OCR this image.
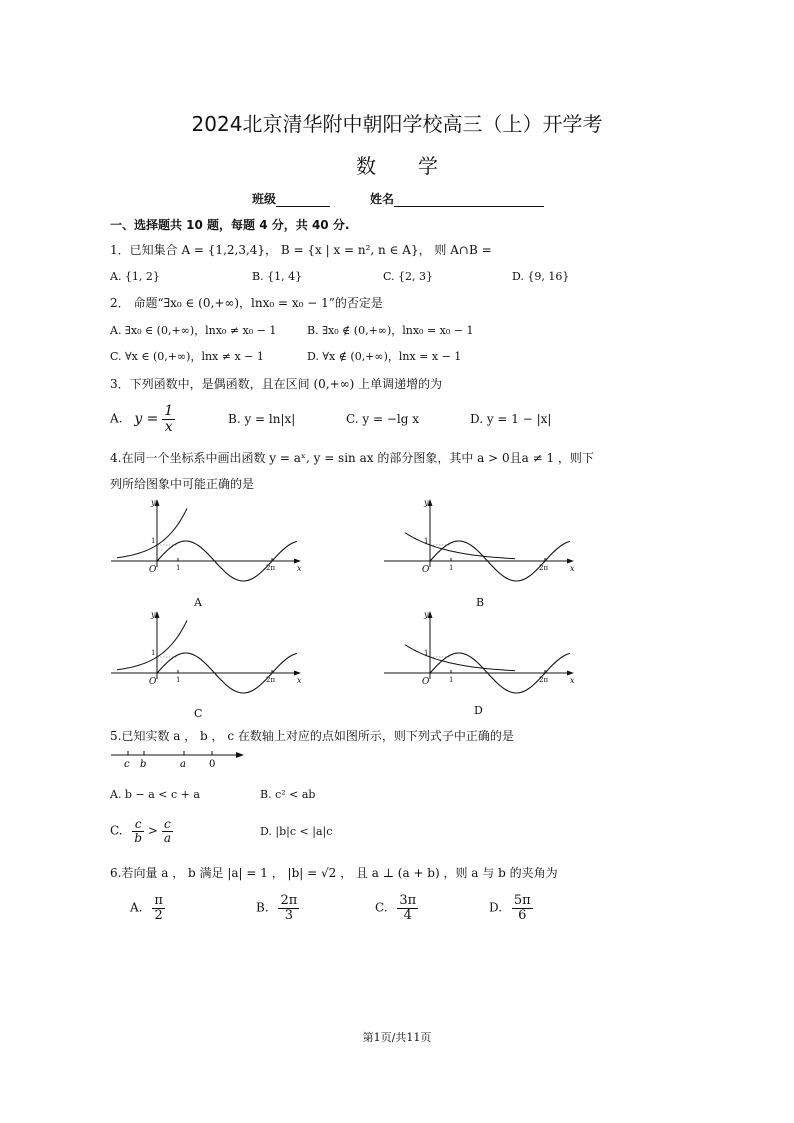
2024北京清华附中朝阳学校高三（上）开学考
数学
班级	姓名
一、选择题共 10 题，每题 4 分，共 40 分.
1．已知集合 A = {1,2,3,4}， B = {x | x = n², n ∈ A}， 则 A∩B =
A. {1, 2}	B. {1, 4}	C. {2, 3}	D. {9, 16}
2． 命题“∃x₀ ∈ (0,+∞)，lnx₀ = x₀ − 1”的否定是
A. ∃x₀ ∈ (0,+∞)，lnx₀ ≠ x₀ − 1	B. ∃x₀ ∉ (0,+∞)，lnx₀ = x₀ − 1
C. ∀x ∈ (0,+∞)，lnx ≠ x − 1	D. ∀x ∉ (0,+∞)，lnx = x − 1
3．下列函数中，是偶函数，且在区间 (0,+∞) 上单调递增的为
A. $y = \frac{1}{x}$	B. y = ln|x|	C. y = −lg x	D. y = 1 − |x|
4.在同一个坐标系中画出函数 y = aˣ, y = sin ax 的部分图象，其中 a > 0且a ≠ 1 ，则下
列所给图象中可能正确的是
y
x
O	1
1
2π
A
y
x
O	1
1
2π
B
y
x
O	1
1
2π
C
y
x
O	1
1
2π
D
5.已知实数 a ， b ， c 在数轴上对应的点如图所示，则下列式子中正确的是
c b	a 0
A. b − a < c + a	B. c² < ab
C. $\frac{c}{b} > \frac{c}{a}$	D. |b|c < |a|c
6.若向量 a ， b 满足 |a| = 1 ， |b| = √2 ， 且 a ⊥ (a + b) ，则 a 与 b 的夹角为
A. $\frac{\pi}{2}$	B. $\frac{2\pi}{3}$	C. $\frac{3\pi}{4}$	D. $\frac{5\pi}{6}$
第1页/共11页
